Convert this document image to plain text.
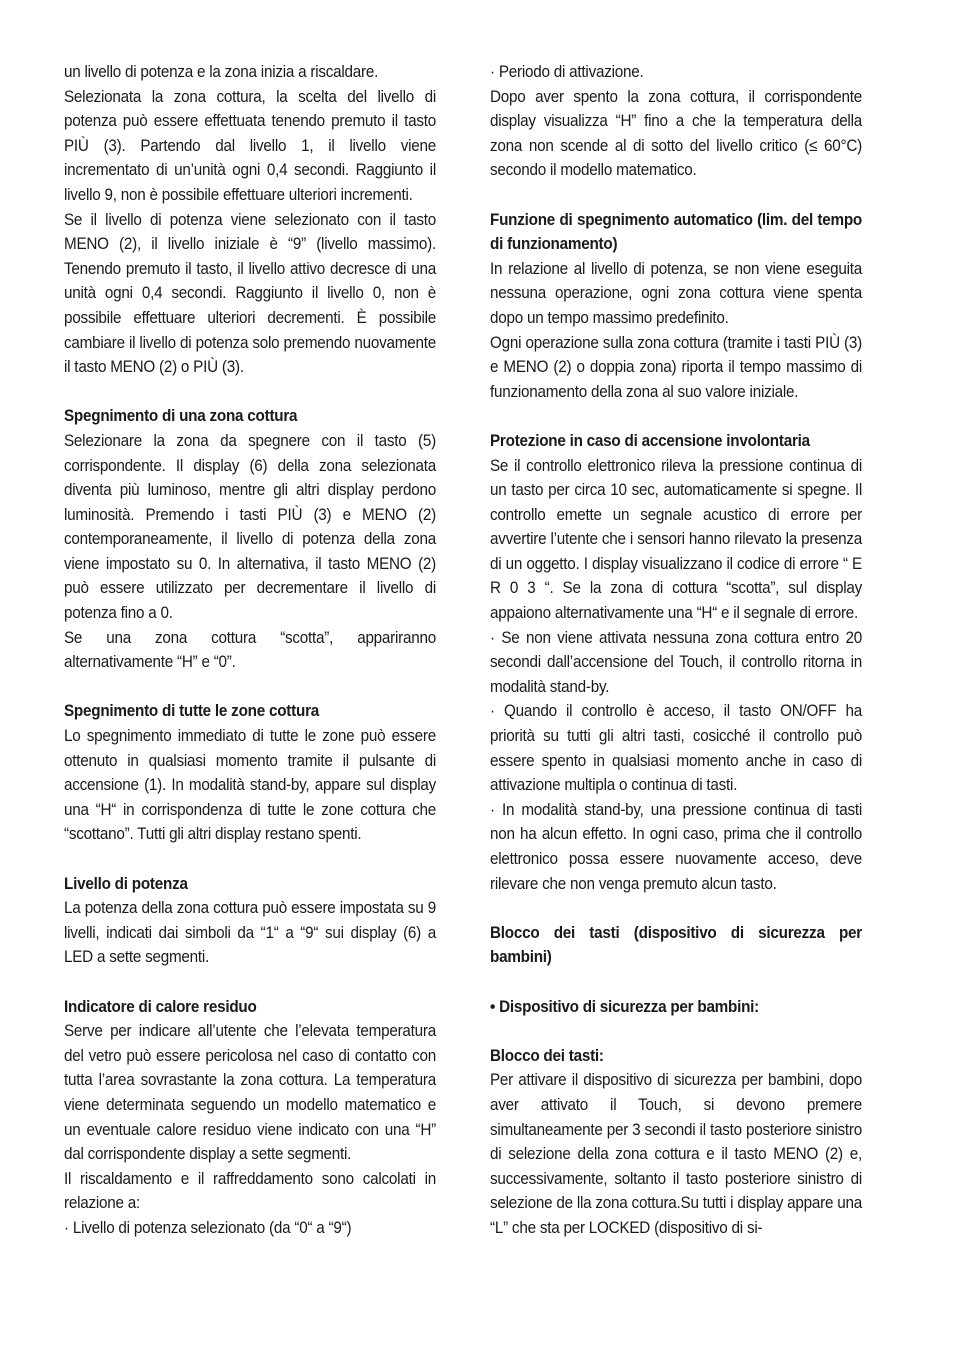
un livello di potenza e la zona inizia a riscaldare.

Selezionata la zona cottura, la scelta del livello di potenza può essere effettuata tenendo premuto il tasto PIÙ (3). Partendo dal livello 1, il livello viene incrementato di un’unità ogni 0,4 secondi. Raggiunto il livello 9, non è possibile effettuare ulteriori incrementi.

Se il livello di potenza viene selezionato con il tasto MENO (2), il livello iniziale è “9” (livello massimo). Tenendo premuto il tasto, il livello attivo decresce di una unità ogni 0,4 secondi. Raggiunto il livello 0, non è possibile effettuare ulteriori decrementi. È possibile cambiare il livello di potenza solo premendo nuovamente il tasto MENO (2) o PIÙ (3).

Spegnimento di una zona cottura

Selezionare la zona da spegnere con il tasto (5) corrispondente. Il display (6) della zona selezionata diventa più luminoso, mentre gli altri display perdono luminosità. Premendo i tasti PIÙ (3) e MENO (2) contemporaneamente, il livello di potenza della zona viene impostato su 0. In alternativa, il tasto MENO (2) può essere utilizzato per decrementare il livello di potenza fino a 0.

Se una zona cottura “scotta”, appariranno alternativamente “H” e “0”.

Spegnimento di tutte le zone cottura

Lo spegnimento immediato di tutte le zone può essere ottenuto in qualsiasi momento tramite il pulsante di accensione (1). In modalità stand-by, appare sul display una “H“ in corrispondenza di tutte le zone cottura che “scottano”. Tutti gli altri display restano spenti.

Livello di potenza

La potenza della zona cottura può essere impostata su 9 livelli, indicati dai simboli da “1“ a “9“ sui display (6) a LED a sette segmenti.

Indicatore di calore residuo

Serve per indicare all’utente che l’elevata temperatura del vetro può essere pericolosa nel caso di contatto con tutta l’area sovrastante la zona cottura. La temperatura viene determinata seguendo un modello matematico e un eventuale calore residuo viene indicato con una “H” dal corrispondente display a sette segmenti.

Il riscaldamento e il raffreddamento sono calcolati in relazione a:

· Livello di potenza selezionato (da “0“ a “9“)

· Periodo di attivazione.

Dopo aver spento la zona cottura, il corrispondente display visualizza “H” fino a che la temperatura della zona non scende al di sotto del livello critico (≤ 60°C) secondo il modello matematico.

Funzione di spegnimento automatico (lim. del tempo di funzionamento)

In relazione al livello di potenza, se non viene eseguita nessuna operazione, ogni zona cottura viene spenta dopo un tempo massimo predefinito.

Ogni operazione sulla zona cottura (tramite i tasti PIÙ (3) e MENO (2) o doppia zona) riporta il tempo massimo di funzionamento della zona al suo valore iniziale.

Protezione in caso di accensione involontaria

Se il controllo elettronico rileva la pressione continua di un tasto per circa 10 sec, automaticamente si spegne. Il controllo emette un segnale acustico di errore per avvertire l’utente che i sensori hanno rilevato la presenza di un oggetto. I display visualizzano il codice di errore “ E R 0 3 “. Se la zona di cottura “scotta”, sul display appaiono alternativamente una “H“ e il segnale di errore.

· Se non viene attivata nessuna zona cottura entro 20 secondi dall’accensione del Touch, il controllo ritorna in modalità stand-by.

· Quando il controllo è acceso, il tasto ON/OFF ha priorità su tutti gli altri tasti, cosicché il controllo può essere spento in qualsiasi momento anche in caso di attivazione multipla o continua di tasti.

· In modalità stand-by, una pressione continua di tasti non ha alcun effetto. In ogni caso, prima che il controllo elettronico possa essere nuovamente acceso, deve rilevare che non venga premuto alcun tasto.

Blocco dei tasti (dispositivo di sicurezza per bambini)

• Dispositivo di sicurezza per bambini:

Blocco dei tasti:

Per attivare il dispositivo di sicurezza per bambini, dopo aver attivato il Touch, si devono premere simultaneamente per 3 secondi il tasto posteriore sinistro di selezione della zona cottura e il tasto MENO (2) e, successivamente, soltanto il tasto posteriore sinistro di selezione de lla zona cottura.Su tutti i display appare una “L” che sta per LOCKED (dispositivo di si-
